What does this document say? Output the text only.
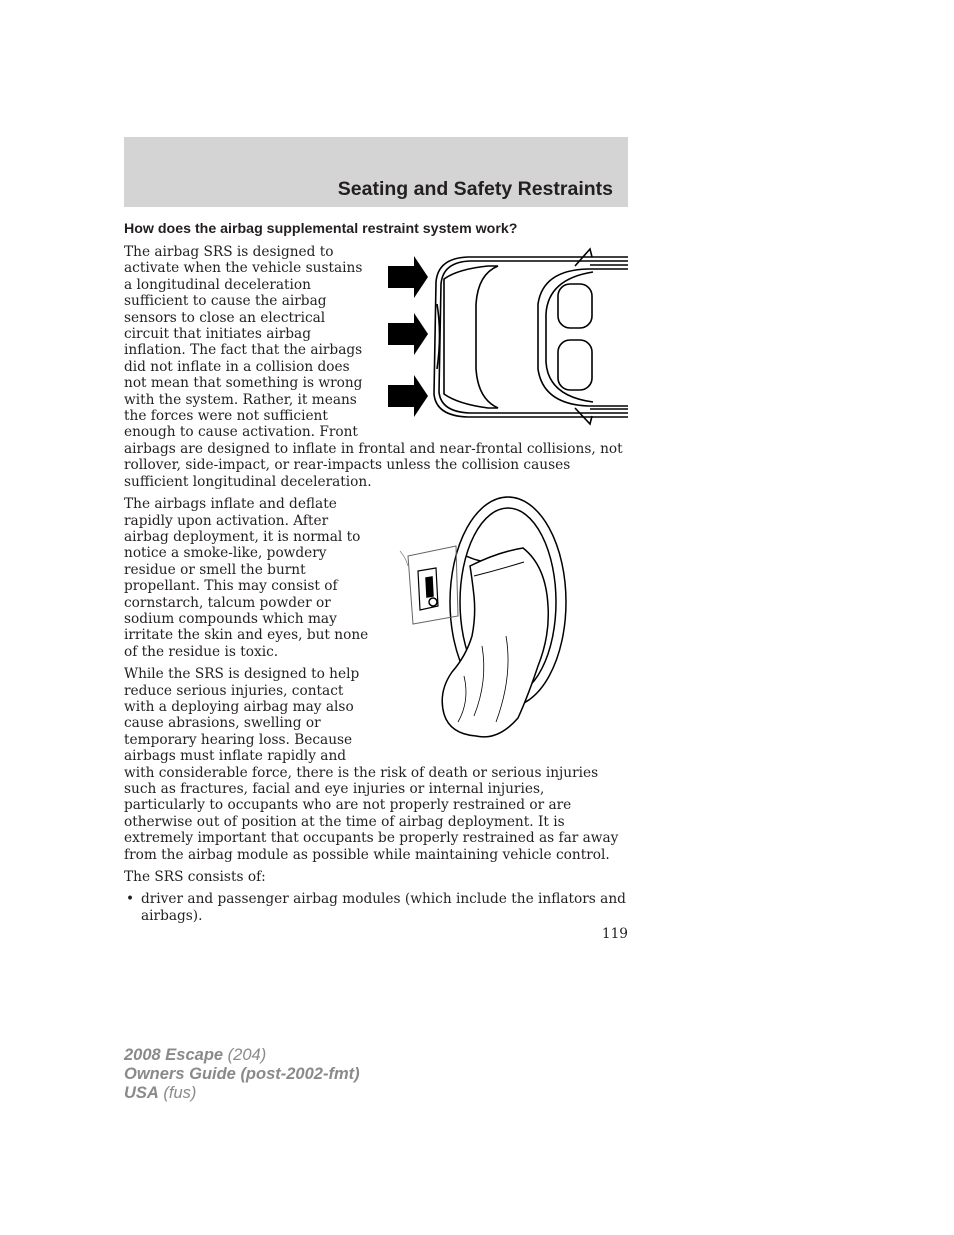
Seating and Safety Restraints
How does the airbag supplemental restraint system work?

The airbag SRS is designed to activate when the vehicle sustains a longitudinal deceleration sufficient to cause the airbag sensors to close an electrical circuit that initiates airbag inflation. The fact that the airbags did not inflate in a collision does not mean that something is wrong with the system. Rather, it means the forces were not sufficient enough to cause activation. Front airbags are designed to inflate in frontal and near-frontal collisions, not rollover, side-impact, or rear-impacts unless the collision causes sufficient longitudinal deceleration.

The airbags inflate and deflate rapidly upon activation. After airbag deployment, it is normal to notice a smoke-like, powdery residue or smell the burnt propellant. This may consist of cornstarch, talcum powder or sodium compounds which may irritate the skin and eyes, but none of the residue is toxic.

While the SRS is designed to help reduce serious injuries, contact with a deploying airbag may also cause abrasions, swelling or temporary hearing loss. Because airbags must inflate rapidly and with considerable force, there is the risk of death or serious injuries such as fractures, facial and eye injuries or internal injuries, particularly to occupants who are not properly restrained or are otherwise out of position at the time of airbag deployment. It is extremely important that occupants be properly restrained as far away from the airbag module as possible while maintaining vehicle control.

The SRS consists of:

• driver and passenger airbag modules (which include the inflators and airbags).
119
2008 Escape (204)
Owners Guide (post-2002-fmt)
USA (fus)
